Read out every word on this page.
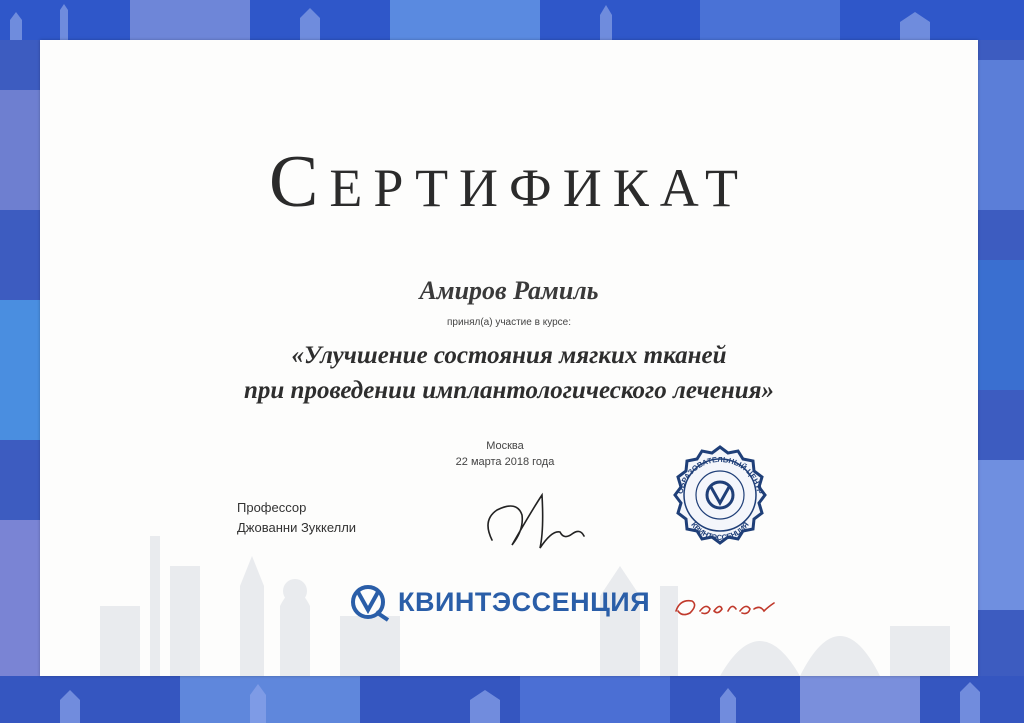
СЕРТИФИКАТ
Амиров Рамиль
принял(а) участие в курсе:
«Улучшение состояния мягких тканей
при проведении имплантологического лечения»
Москва
22 марта 2018 года
Профессор
Джованни Зуккелли
ОБРАЗОВАТЕЛЬНЫЙ ЦЕНТР
КВИНТЭССЕНЦИЯ
КВИНТЭССЕНЦИЯ
